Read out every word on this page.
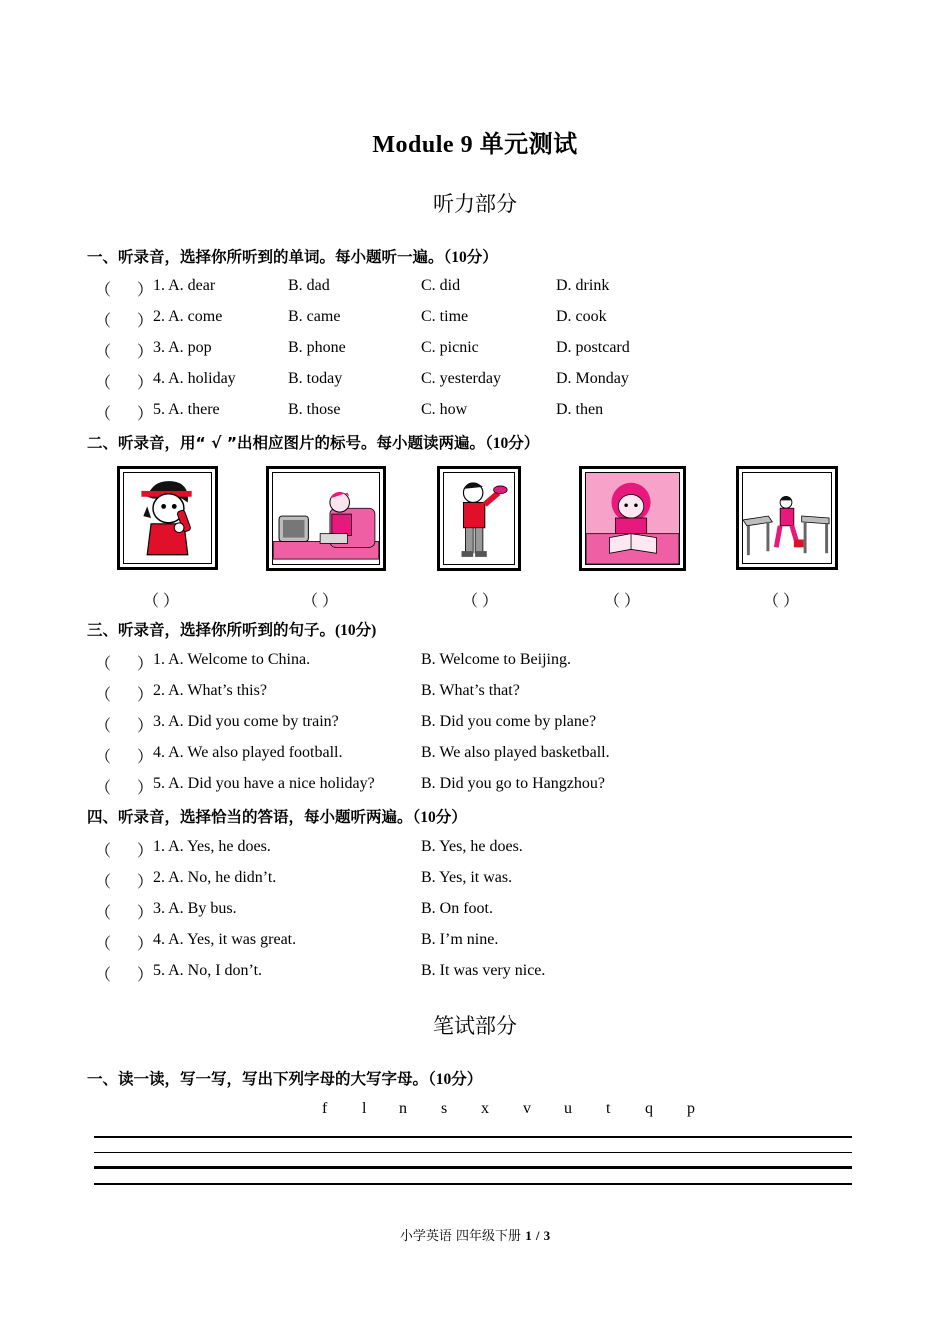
Module 9 单元测试
听力部分
一、听录音，选择你所听到的单词。每小题听一遍。（10分）
（ ） 1. A. dear	B. dad	C. did	D. drink
（ ） 2. A. come	B. came	C. time	D. cook
（ ） 3. A. pop	B. phone	C. picnic	D. postcard
（ ） 4. A. holiday	B. today	C. yesterday	D. Monday
（ ） 5. A. there	B. those	C. how	D. then
二、听录音，用“ √ ”出相应图片的标号。每小题读两遍。（10分）
（ ）	（ ）	（ ）	（ ）	（ ）
三、听录音，选择你所听到的句子。(10分)
（ ） 1. A. Welcome to China.	B. Welcome to Beijing.
（ ） 2. A. What’s this?	B. What’s that?
（ ） 3. A. Did you come by train?	B. Did you come by plane?
（ ） 4. A. We also played football.	B. We also played basketball.
（ ） 5. A. Did you have a nice holiday?	B. Did you go to Hangzhou?
四、听录音，选择恰当的答语，每小题听两遍。（10分）
（ ） 1. A. Yes, he does.	B. Yes, he does.
（ ） 2. A. No, he didn’t.	B. Yes, it was.
（ ） 3. A. By bus.	B. On foot.
（ ） 4. A. Yes, it was great.	B. I’m nine.
（ ） 5. A. No, I don’t.	B. It was very nice.
笔试部分
一、读一读，写一写，写出下列字母的大写字母。（10分）
f l n s x v u t q p
小学英语 四年级下册 1 / 3
